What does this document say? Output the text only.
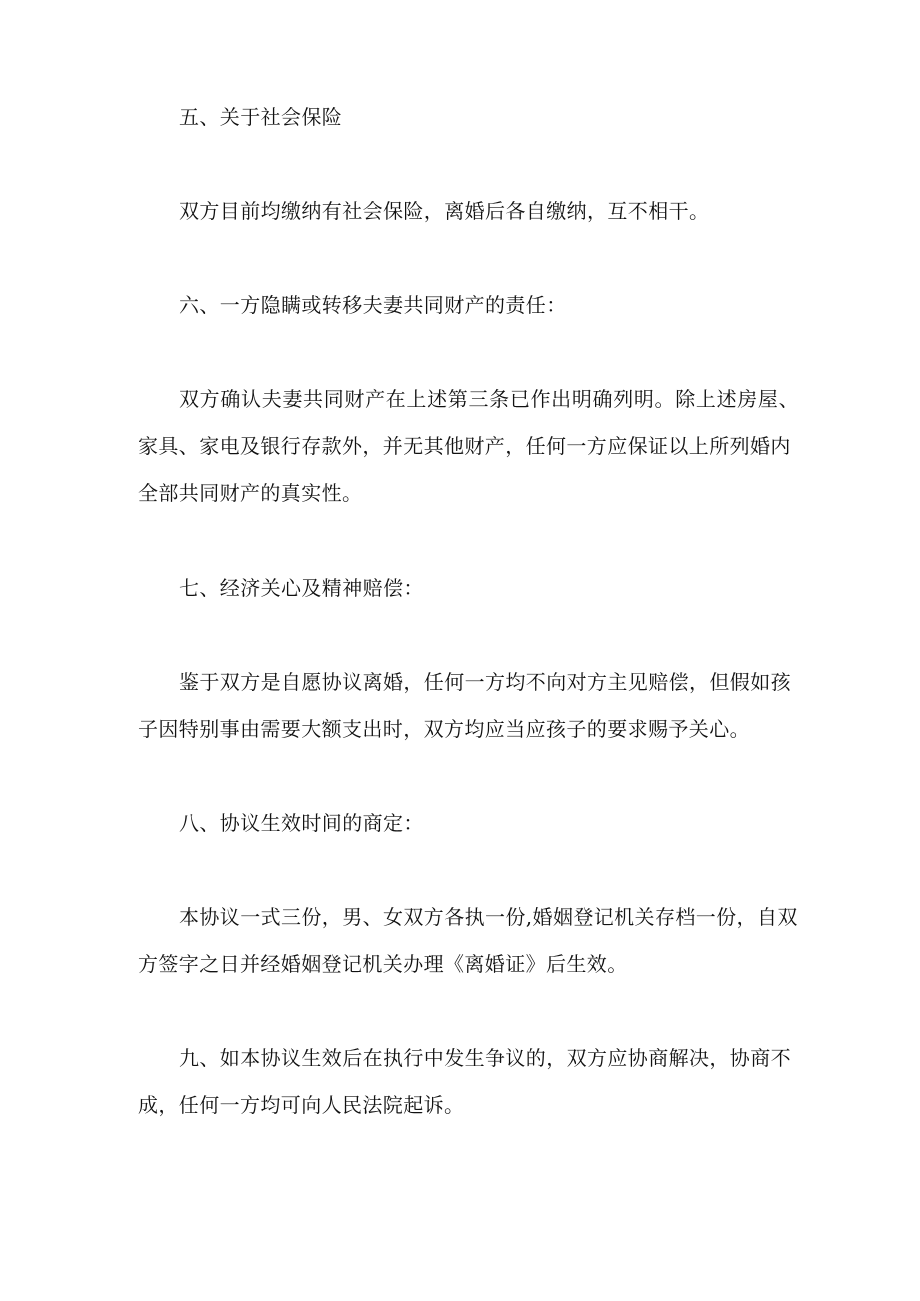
五、关于社会保险
双方目前均缴纳有社会保险，离婚后各自缴纳，互不相干。
六、一方隐瞒或转移夫妻共同财产的责任：
双方确认夫妻共同财产在上述第三条已作出明确列明。除上述房屋、
家具、家电及银行存款外，并无其他财产，任何一方应保证以上所列婚内
全部共同财产的真实性。
七、经济关心及精神赔偿：
鉴于双方是自愿协议离婚，任何一方均不向对方主见赔偿，但假如孩
子因特别事由需要大额支出时，双方均应当应孩子的要求赐予关心。
八、协议生效时间的商定：
本协议一式三份，男、女双方各执一份,婚姻登记机关存档一份，自双
方签字之日并经婚姻登记机关办理《离婚证》后生效。
九、如本协议生效后在执行中发生争议的，双方应协商解决，协商不
成，任何一方均可向人民法院起诉。
